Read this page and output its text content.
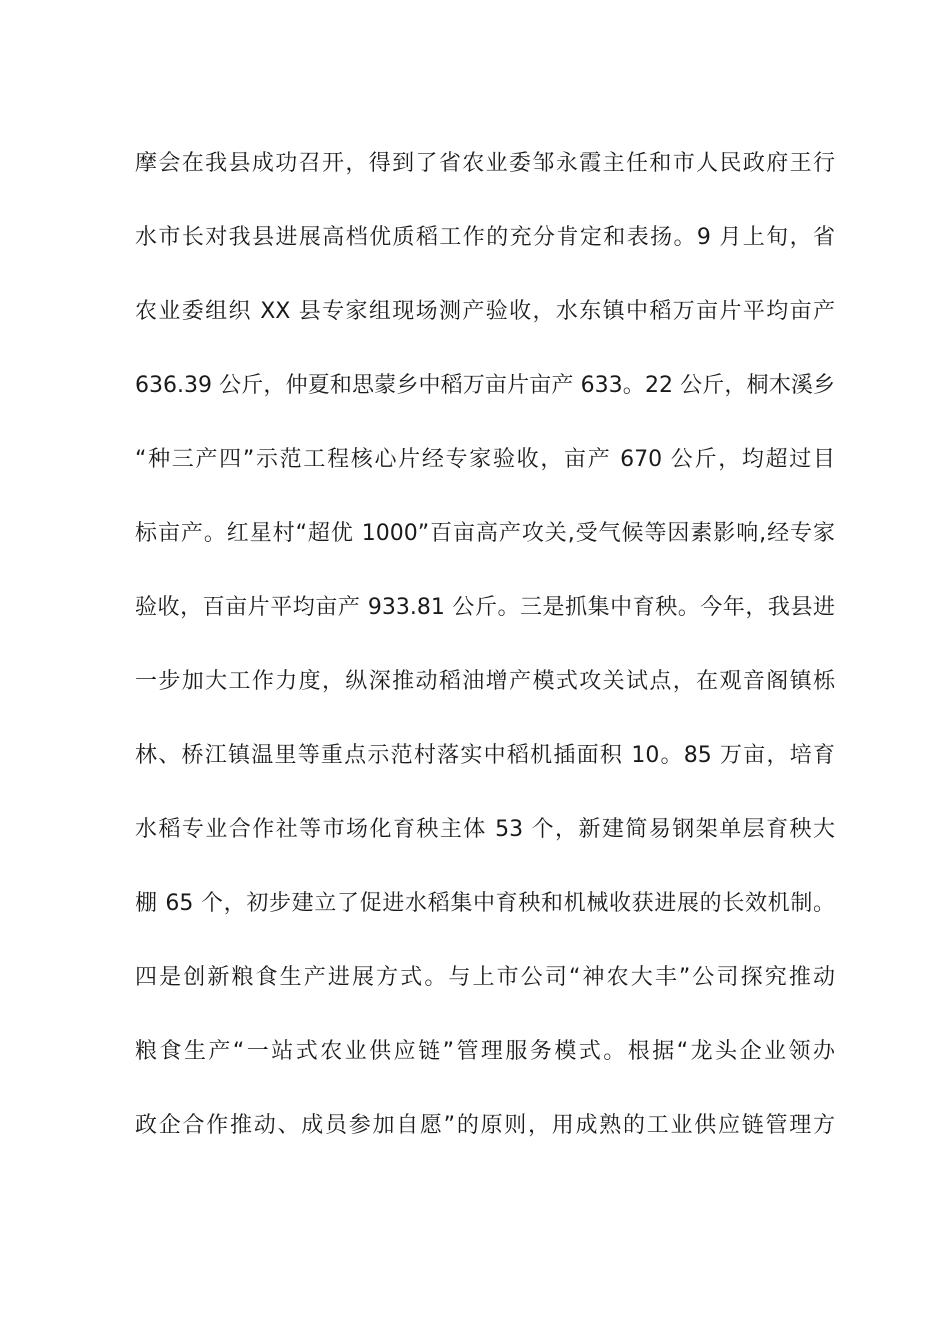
摩会在我县成功召开，得到了省农业委邹永霞主任和市人民政府王行
水市长对我县进展高档优质稻工作的充分肯定和表扬。9 月上旬，省
农业委组织 XX 县专家组现场测产验收，水东镇中稻万亩片平均亩产
636.39 公斤，仲夏和思蒙乡中稻万亩片亩产 633。22 公斤，桐木溪乡
“种三产四”示范工程核心片经专家验收，亩产 670 公斤，均超过目
标亩产。红星村“超优 1000”百亩高产攻关,受气候等因素影响,经专家
验收，百亩片平均亩产 933.81 公斤。三是抓集中育秧。今年，我县进
一步加大工作力度，纵深推动稻油增产模式攻关试点，在观音阁镇栎
林、桥江镇温里等重点示范村落实中稻机插面积 10。85 万亩，培育
水稻专业合作社等市场化育秧主体 53 个，新建简易钢架单层育秧大
棚 65 个，初步建立了促进水稻集中育秧和机械收获进展的长效机制。
四是创新粮食生产进展方式。与上市公司“神农大丰”公司探究推动
粮食生产“一站式农业供应链”管理服务模式。根据“龙头企业领办
政企合作推动、成员参加自愿”的原则，用成熟的工业供应链管理方
